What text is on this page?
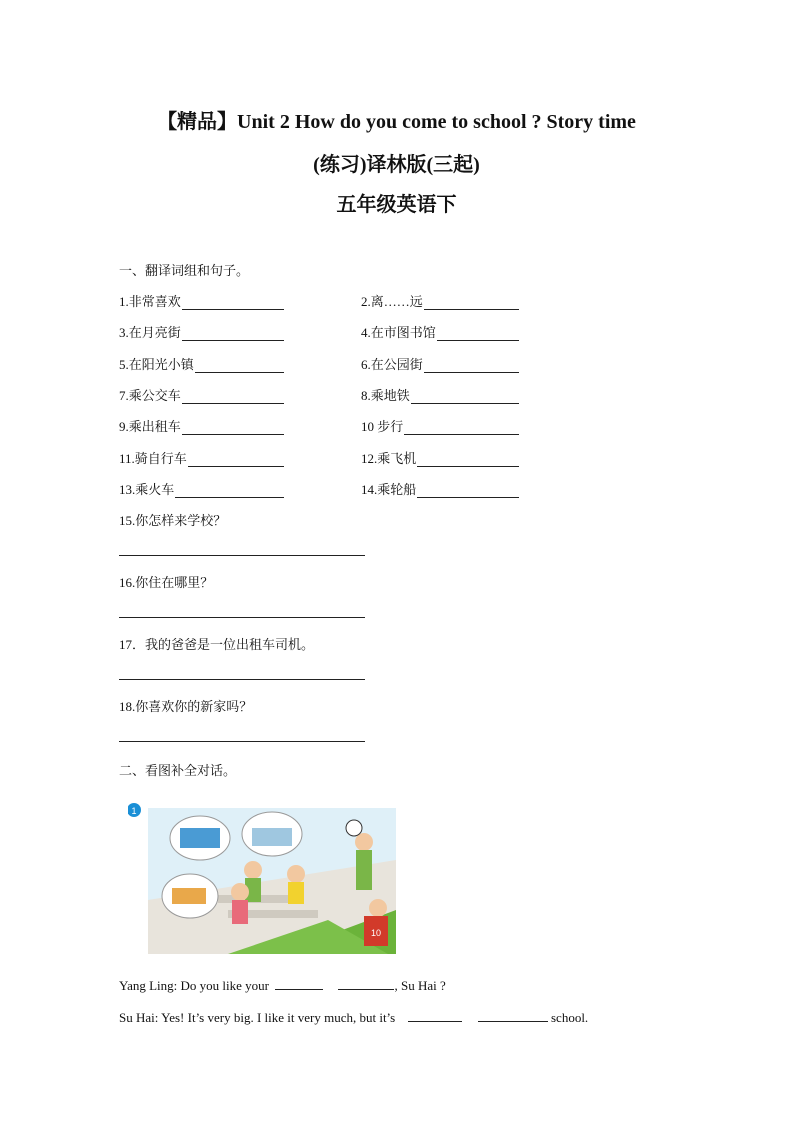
【精品】Unit 2 How do you come to school ? Story time
(练习)译林版(三起)
五年级英语下
一、翻译词组和句子。
1.非常喜欢	2.离……远
3.在月亮街	4.在市图书馆
5.在阳光小镇	6.在公园街
7.乘公交车	8.乘地铁
9.乘出租车	10 步行
11.骑自行车	12.乘飞机
13.乘火车	14.乘轮船
15.你怎样来学校？
16.你住在哪里？
17．我的爸爸是一位出租车司机。
18.你喜欢你的新家吗？
二、看图补全对话。
1
10
Yang Ling: Do you like your	, Su Hai ?
Su Hai: Yes! It’s very big. I like it very much, but it’s	school.
